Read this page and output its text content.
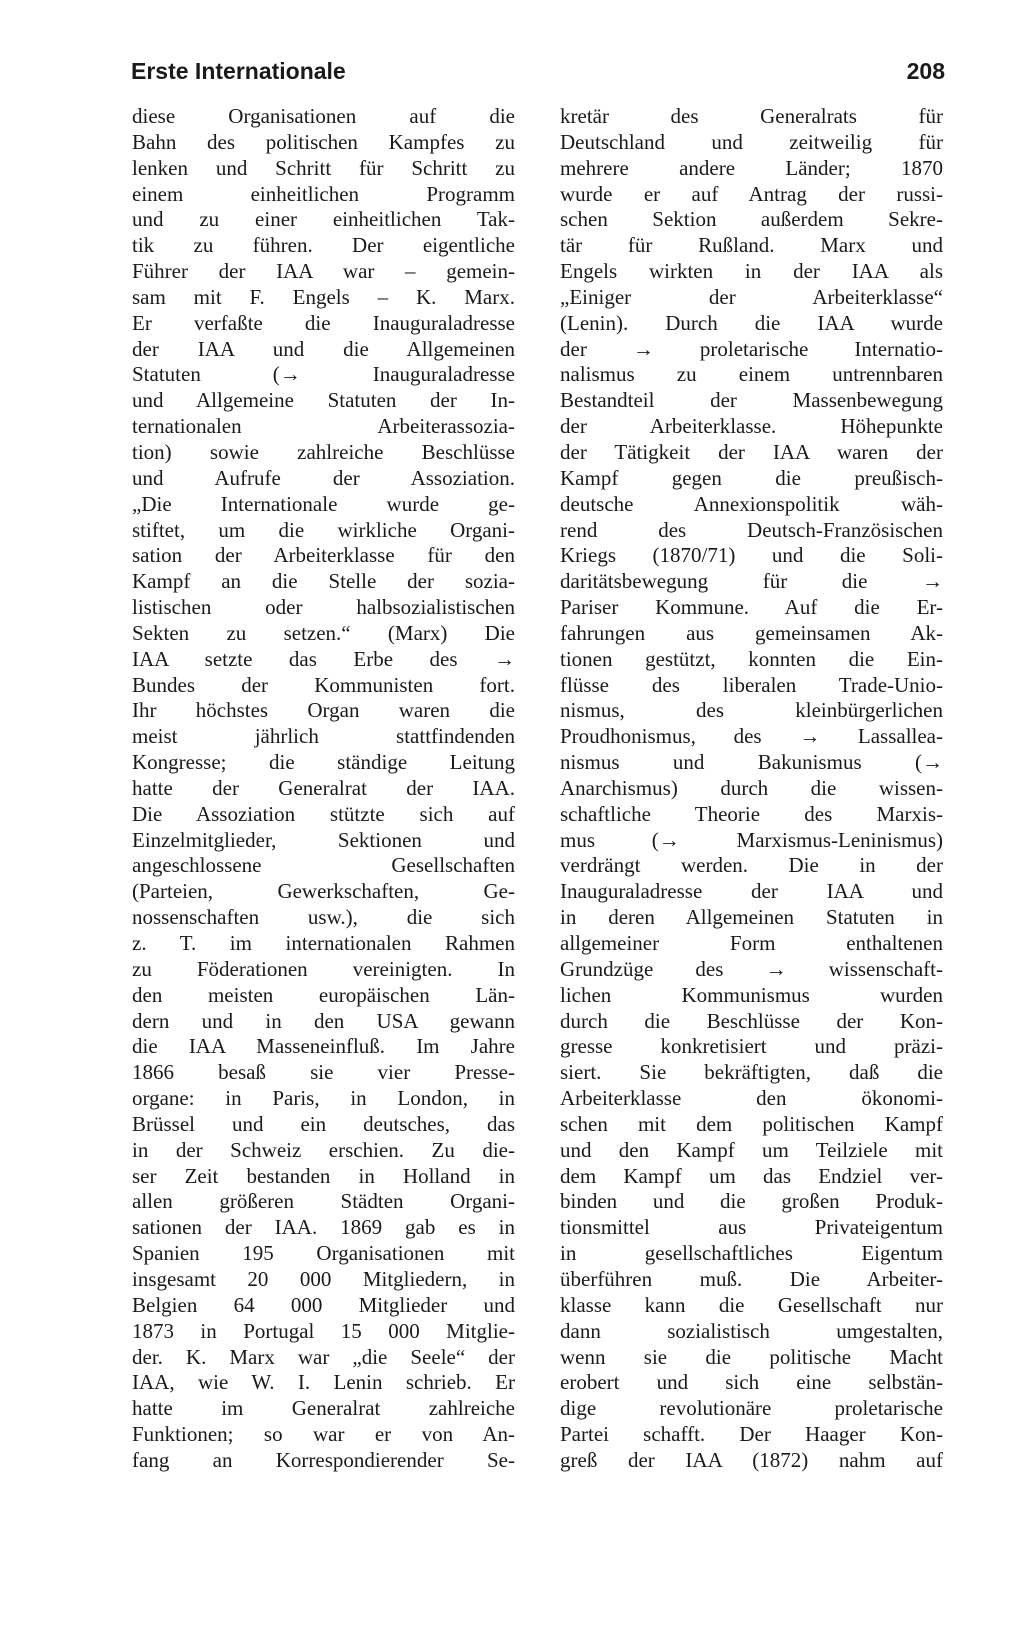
Erste Internationale	208
diese Organisationen auf die
Bahn des politischen Kampfes zu
lenken und Schritt für Schritt zu
einem einheitlichen Programm
und zu einer einheitlichen Tak-
tik zu führen. Der eigentliche
Führer der IAA war – gemein-
sam mit F. Engels – K. Marx.
Er verfaßte die Inauguraladresse
der IAA und die Allgemeinen
Statuten (→ Inauguraladresse
und Allgemeine Statuten der In-
ternationalen Arbeiterassozia-
tion) sowie zahlreiche Beschlüsse
und Aufrufe der Assoziation.
„Die Internationale wurde ge-
stiftet, um die wirkliche Organi-
sation der Arbeiterklasse für den
Kampf an die Stelle der sozia-
listischen oder halbsozialistischen
Sekten zu setzen.“ (Marx) Die
IAA setzte das Erbe des →
Bundes der Kommunisten fort.
Ihr höchstes Organ waren die
meist jährlich stattfindenden
Kongresse; die ständige Leitung
hatte der Generalrat der IAA.
Die Assoziation stützte sich auf
Einzelmitglieder, Sektionen und
angeschlossene Gesellschaften
(Parteien, Gewerkschaften, Ge-
nossenschaften usw.), die sich
z. T. im internationalen Rahmen
zu Föderationen vereinigten. In
den meisten europäischen Län-
dern und in den USA gewann
die IAA Masseneinfluß. Im Jahre
1866 besaß sie vier Presse-
organe: in Paris, in London, in
Brüssel und ein deutsches, das
in der Schweiz erschien. Zu die-
ser Zeit bestanden in Holland in
allen größeren Städten Organi-
sationen der IAA. 1869 gab es in
Spanien 195 Organisationen mit
insgesamt 20 000 Mitgliedern, in
Belgien 64 000 Mitglieder und
1873 in Portugal 15 000 Mitglie-
der. K. Marx war „die Seele“ der
IAA, wie W. I. Lenin schrieb. Er
hatte im Generalrat zahlreiche
Funktionen; so war er von An-
fang an Korrespondierender Se-
kretär des Generalrats für
Deutschland und zeitweilig für
mehrere andere Länder; 1870
wurde er auf Antrag der russi-
schen Sektion außerdem Sekre-
tär für Rußland. Marx und
Engels wirkten in der IAA als
„Einiger der Arbeiterklasse“
(Lenin). Durch die IAA wurde
der → proletarische Internatio-
nalismus zu einem untrennbaren
Bestandteil der Massenbewegung
der Arbeiterklasse. Höhepunkte
der Tätigkeit der IAA waren der
Kampf gegen die preußisch-
deutsche Annexionspolitik wäh-
rend des Deutsch-Französischen
Kriegs (1870/71) und die Soli-
daritätsbewegung für die →
Pariser Kommune. Auf die Er-
fahrungen aus gemeinsamen Ak-
tionen gestützt, konnten die Ein-
flüsse des liberalen Trade-Unio-
nismus, des kleinbürgerlichen
Proudhonismus, des → Lassallea-
nismus und Bakunismus (→
Anarchismus) durch die wissen-
schaftliche Theorie des Marxis-
mus (→ Marxismus-Leninismus)
verdrängt werden. Die in der
Inauguraladresse der IAA und
in deren Allgemeinen Statuten in
allgemeiner Form enthaltenen
Grundzüge des → wissenschaft-
lichen Kommunismus wurden
durch die Beschlüsse der Kon-
gresse konkretisiert und präzi-
siert. Sie bekräftigten, daß die
Arbeiterklasse den ökonomi-
schen mit dem politischen Kampf
und den Kampf um Teilziele mit
dem Kampf um das Endziel ver-
binden und die großen Produk-
tionsmittel aus Privateigentum
in gesellschaftliches Eigentum
überführen muß. Die Arbeiter-
klasse kann die Gesellschaft nur
dann sozialistisch umgestalten,
wenn sie die politische Macht
erobert und sich eine selbstän-
dige revolutionäre proletarische
Partei schafft. Der Haager Kon-
greß der IAA (1872) nahm auf
